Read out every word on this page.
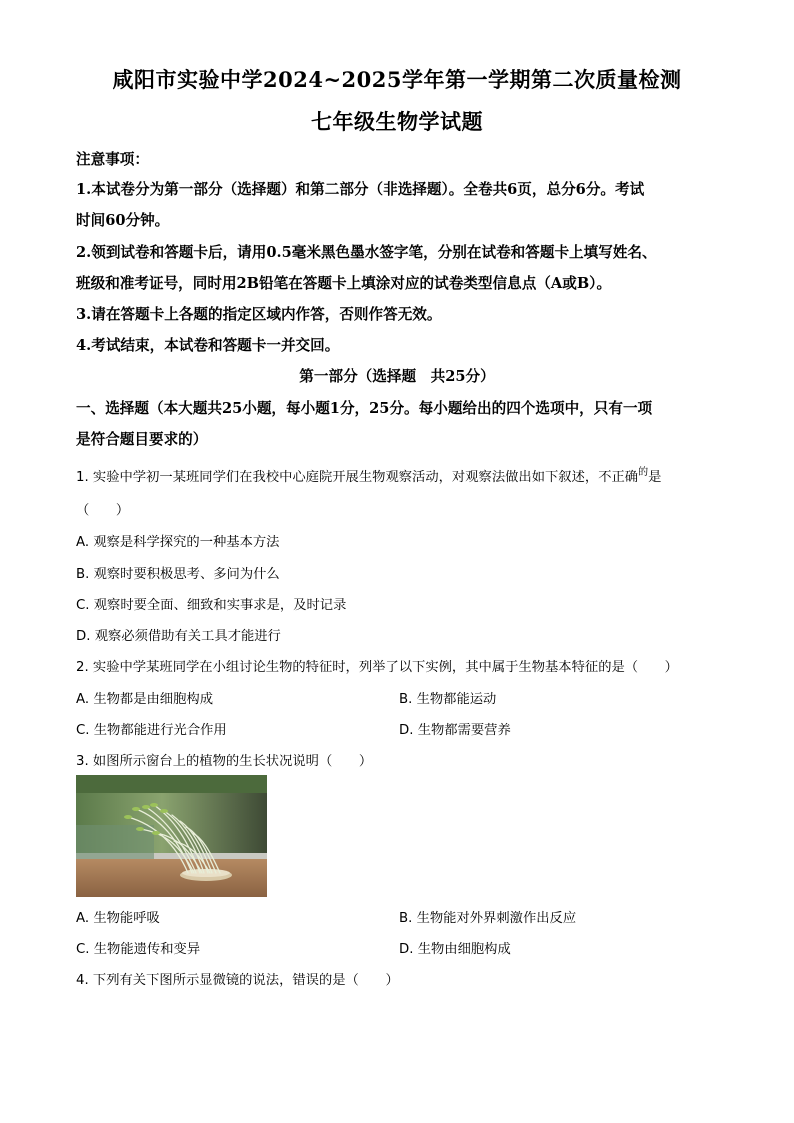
咸阳市实验中学2024~2025学年第一学期第二次质量检测
七年级生物学试题
注意事项：
1.本试卷分为第一部分（选择题）和第二部分（非选择题）。全卷共6页，总分6分。考试
时间60分钟。
2.领到试卷和答题卡后，请用0.5毫米黑色墨水签字笔，分别在试卷和答题卡上填写姓名、
班级和准考证号，同时用2B铅笔在答题卡上填涂对应的试卷类型信息点（A或B）。
3.请在答题卡上各题的指定区域内作答，否则作答无效。
4.考试结束，本试卷和答题卡一并交回。
第一部分（选择题　共25分）
一、选择题（本大题共25小题，每小题1分，25分。每小题给出的四个选项中，只有一项
是符合题目要求的）
1. 实验中学初一某班同学们在我校中心庭院开展生物观察活动，对观察法做出如下叙述，不正确$^的$是
（　　）
A. 观察是科学探究的一种基本方法
B. 观察时要积极思考、多问为什么
C. 观察时要全面、细致和实事求是，及时记录
D. 观察必须借助有关工具才能进行
2. 实验中学某班同学在小组讨论生物的特征时，列举了以下实例，其中属于生物基本特征的是（　　）
A. 生物都是由细胞构成	B. 生物都能运动
C. 生物都能进行光合作用	D. 生物都需要营养
3. 如图所示窗台上的植物的生长状况说明（　　）
A. 生物能呼吸	B. 生物能对外界刺激作出反应
C. 生物能遗传和变异	D. 生物由细胞构成
4. 下列有关下图所示显微镜的说法，错误的是（　　）
